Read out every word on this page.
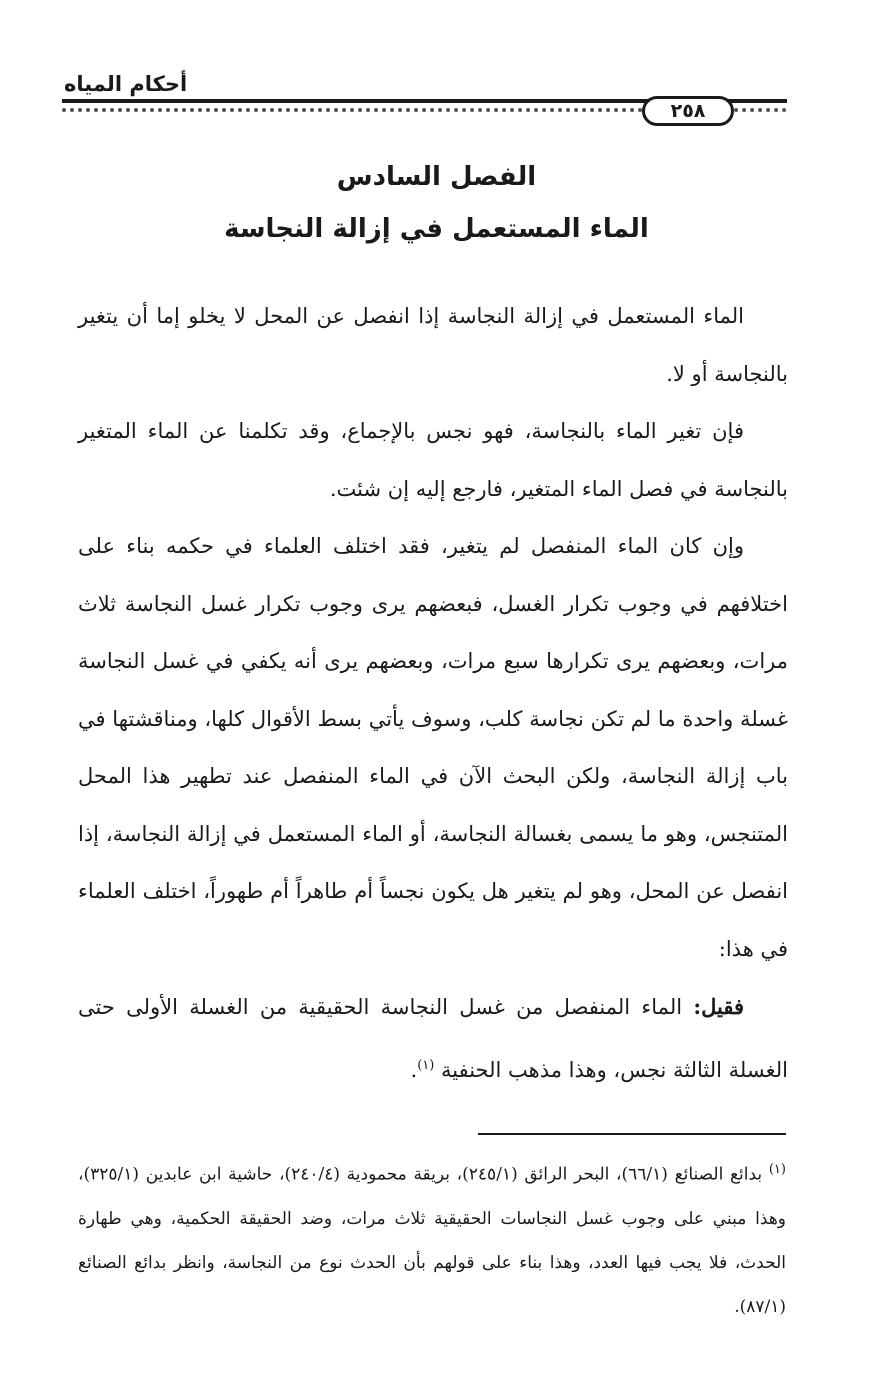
أحكام المياه
٢٥٨
الفصل السادس
الماء المستعمل في إزالة النجاسة

الماء المستعمل في إزالة النجاسة إذا انفصل عن المحل لا يخلو إما أن يتغير بالنجاسة أو لا.

فإن تغير الماء بالنجاسة، فهو نجس بالإجماع، وقد تكلمنا عن الماء المتغير بالنجاسة في فصل الماء المتغير، فارجع إليه إن شئت.

وإن كان الماء المنفصل لم يتغير، فقد اختلف العلماء في حكمه بناء على اختلافهم في وجوب تكرار الغسل، فبعضهم يرى وجوب تكرار غسل النجاسة ثلاث مرات، وبعضهم يرى تكرارها سبع مرات، وبعضهم يرى أنه يكفي في غسل النجاسة غسلة واحدة ما لم تكن نجاسة كلب، وسوف يأتي بسط الأقوال كلها، ومناقشتها في باب إزالة النجاسة، ولكن البحث الآن في الماء المنفصل عند تطهير هذا المحل المتنجس، وهو ما يسمى بغسالة النجاسة، أو الماء المستعمل في إزالة النجاسة، إذا انفصل عن المحل، وهو لم يتغير هل يكون نجساً أم طاهراً أم طهوراً، اختلف العلماء في هذا:

فقيل: الماء المنفصل من غسل النجاسة الحقيقية من الغسلة الأولى حتى الغسلة الثالثة نجس، وهذا مذهب الحنفية $^{(١)}$.

$^{(١)}$ بدائع الصنائع (٦٦/١)، البحر الرائق (٢٤٥/١)، بريقة محمودية (٢٤٠/٤)، حاشية ابن عابدين (٣٢٥/١)، وهذا مبني على وجوب غسل النجاسات الحقيقية ثلاث مرات، وضد الحقيقة الحكمية، وهي طهارة الحدث، فلا يجب فيها العدد، وهذا بناء على قولهم بأن الحدث نوع من النجاسة، وانظر بدائع الصنائع (٨٧/١).
